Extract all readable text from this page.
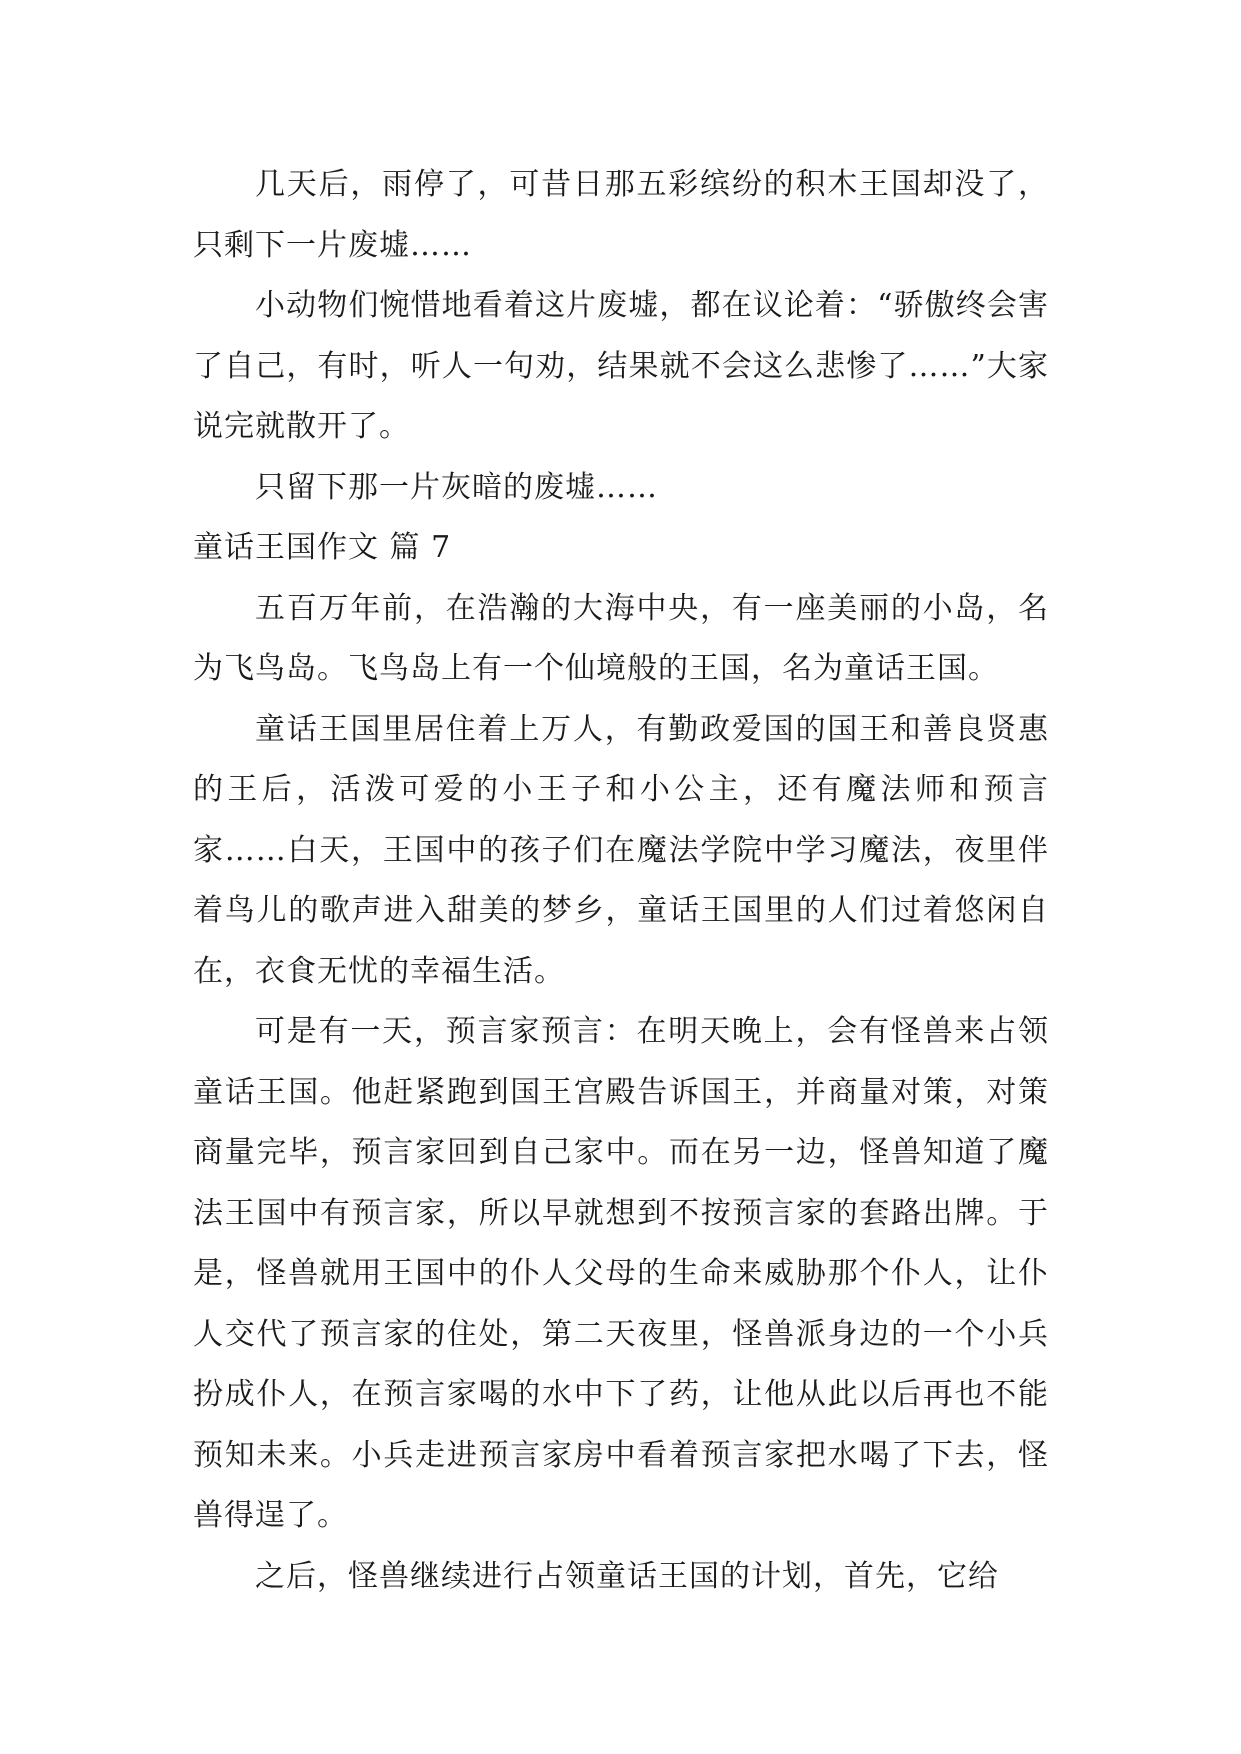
几天后，雨停了，可昔日那五彩缤纷的积木王国却没了，只剩下一片废墟……

小动物们惋惜地看着这片废墟，都在议论着：“骄傲终会害了自己，有时，听人一句劝，结果就不会这么悲惨了……”大家说完就散开了。

只留下那一片灰暗的废墟……

童话王国作文 篇 7

五百万年前，在浩瀚的大海中央，有一座美丽的小岛，名为飞鸟岛。飞鸟岛上有一个仙境般的王国，名为童话王国。

童话王国里居住着上万人，有勤政爱国的国王和善良贤惠的王后，活泼可爱的小王子和小公主，还有魔法师和预言家……白天，王国中的孩子们在魔法学院中学习魔法，夜里伴着鸟儿的歌声进入甜美的梦乡，童话王国里的人们过着悠闲自在，衣食无忧的幸福生活。

可是有一天，预言家预言：在明天晚上，会有怪兽来占领童话王国。他赶紧跑到国王宫殿告诉国王，并商量对策，对策商量完毕，预言家回到自己家中。而在另一边，怪兽知道了魔法王国中有预言家，所以早就想到不按预言家的套路出牌。于是，怪兽就用王国中的仆人父母的生命来威胁那个仆人，让仆人交代了预言家的住处，第二天夜里，怪兽派身边的一个小兵扮成仆人，在预言家喝的水中下了药，让他从此以后再也不能预知未来。小兵走进预言家房中看着预言家把水喝了下去，怪兽得逞了。

之后，怪兽继续进行占领童话王国的计划，首先，它给
